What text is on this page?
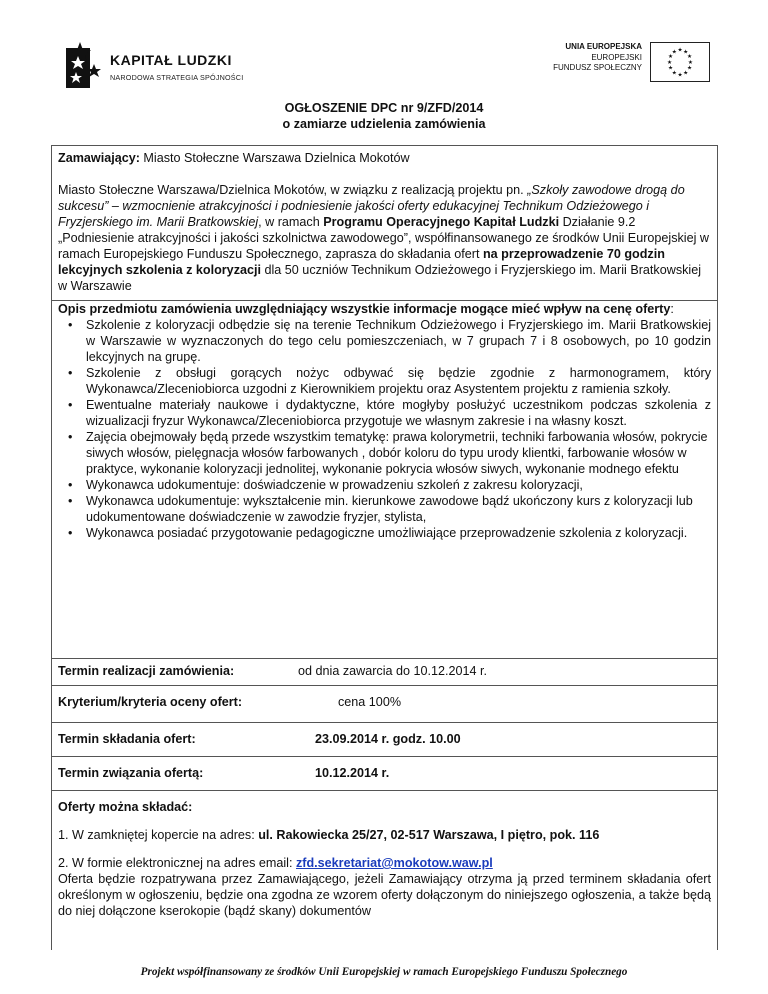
KAPITAŁ LUDZKI
NARODOWA STRATEGIA SPÓJNOŚCI
UNIA EUROPEJSKA
EUROPEJSKI
FUNDUSZ SPOŁECZNY
★ ★
★
★
★
★
★
★
★
★
★
★
OGŁOSZENIE DPC nr 9/ZFD/2014
o zamiarze udzielenia zamówienia
Zamawiający: Miasto Stołeczne Warszawa Dzielnica Mokotów
Miasto Stołeczne Warszawa/Dzielnica Mokotów, w związku z realizacją projektu pn. „Szkoły zawodowe drogą do sukcesu” – wzmocnienie atrakcyjności i podniesienie jakości oferty edukacyjnej Technikum Odzieżowego i Fryzjerskiego im. Marii Bratkowskiej, w ramach Programu Operacyjnego Kapitał Ludzki Działanie 9.2 „Podniesienie atrakcyjności i jakości szkolnictwa zawodowego”, współfinansowanego ze środków Unii Europejskiej w ramach Europejskiego Funduszu Społecznego, zaprasza do składania ofert na przeprowadzenie 70 godzin lekcyjnych szkolenia z koloryzacji dla 50 uczniów Technikum Odzieżowego i Fryzjerskiego im. Marii Bratkowskiej w Warszawie
Opis przedmiotu zamówienia uwzględniający wszystkie informacje mogące mieć wpływ na cenę oferty:
• Szkolenie z koloryzacji odbędzie się na terenie Technikum Odzieżowego i Fryzjerskiego im. Marii Bratkowskiej w Warszawie w wyznaczonych do tego celu pomieszczeniach, w 7 grupach 7 i 8 osobowych, po 10 godzin lekcyjnych na grupę.
• Szkolenie z obsługi gorących nożyc odbywać się będzie zgodnie z harmonogramem, który Wykonawca/Zleceniobiorca uzgodni z Kierownikiem projektu oraz Asystentem projektu z ramienia szkoły.
• Ewentualne materiały naukowe i dydaktyczne, które mogłyby posłużyć uczestnikom podczas szkolenia z wizualizacji fryzur Wykonawca/Zleceniobiorca przygotuje we własnym zakresie i na własny koszt.
• Zajęcia obejmowały będą przede wszystkim tematykę: prawa kolorymetrii, techniki farbowania włosów, pokrycie siwych włosów, pielęgnacja włosów farbowanych , dobór koloru do typu urody klientki, farbowanie włosów w praktyce, wykonanie koloryzacji jednolitej, wykonanie pokrycia włosów siwych, wykonanie modnego efektu
• Wykonawca udokumentuje: doświadczenie w prowadzeniu szkoleń z zakresu koloryzacji,
• Wykonawca udokumentuje: wykształcenie min. kierunkowe zawodowe bądź ukończony kurs z koloryzacji lub udokumentowane doświadczenie w zawodzie fryzjer, stylista,
• Wykonawca posiadać przygotowanie pedagogiczne umożliwiające przeprowadzenie szkolenia z koloryzacji.
Termin realizacji zamówienia:	od dnia zawarcia do 10.12.2014 r.
Kryterium/kryteria oceny ofert:	cena 100%
Termin składania ofert:	23.09.2014 r. godz. 10.00
Termin związania ofertą:	10.12.2014 r.
Oferty można składać:
1. W zamkniętej kopercie na adres: ul. Rakowiecka 25/27, 02-517 Warszawa, I piętro, pok. 116
2. W formie elektronicznej na adres email: zfd.sekretariat@mokotow.waw.pl
Oferta będzie rozpatrywana przez Zamawiającego, jeżeli Zamawiający otrzyma ją przed terminem składania ofert określonym w ogłoszeniu, będzie ona zgodna ze wzorem oferty dołączonym do niniejszego ogłoszenia, a także będą do niej dołączone kserokopie (bądź skany) dokumentów
Projekt współfinansowany ze środków Unii Europejskiej w ramach Europejskiego Funduszu Społecznego
